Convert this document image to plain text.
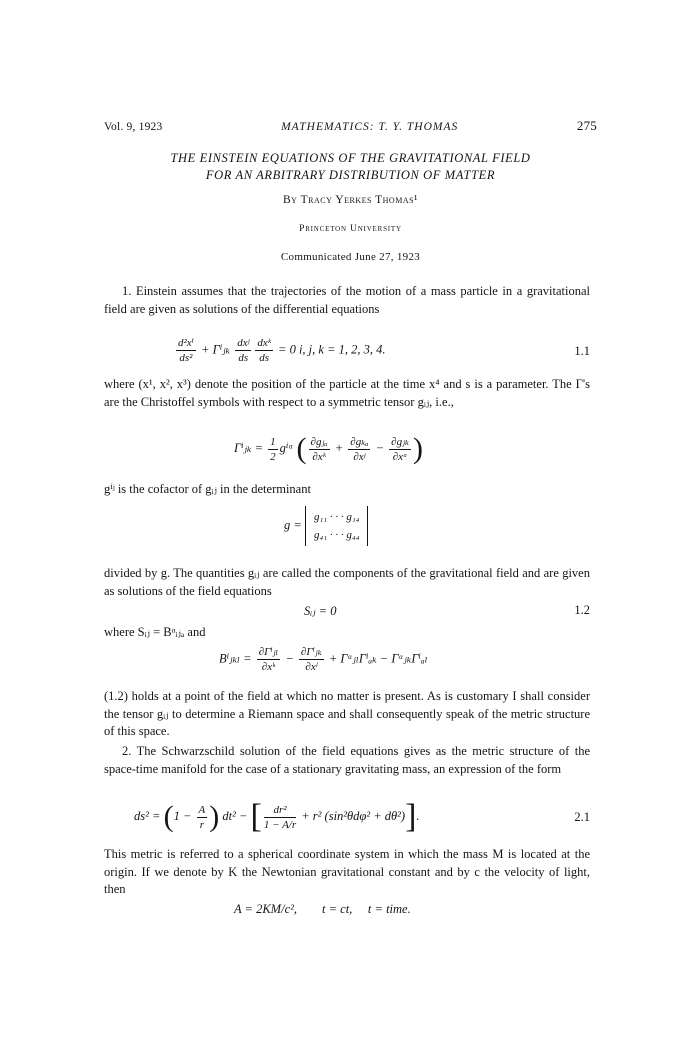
Vol. 9, 1923	MATHEMATICS: T. Y. THOMAS	275
THE EINSTEIN EQUATIONS OF THE GRAVITATIONAL FIELD
FOR AN ARBITRARY DISTRIBUTION OF MATTER
By Tracy Yerkes Thomas¹
Princeton University
Communicated June 27, 1923
1. Einstein assumes that the trajectories of the motion of a mass particle in a gravitational field are given as solutions of the differential equations
$\frac{\text{d²xⁱ}}{\text{ds²}}$ + Γⁱⱼₖ $\frac{\text{dxʲ}}{ds} \frac{\text{dxᵏ}}{ds} = 0$ i, j, k = 1, 2, 3, 4.	1.1
where (x¹, x², x³) denote the position of the particle at the time x⁴ and s is a parameter. The Γ's are the Christoffel symbols with respect to a symmetric tensor gᵢⱼ, i.e.,
Γⁱⱼₖ = $\frac{1}{2}$ gⁱᵅ ( $\frac{\text{∂gⱼₐ}}{\text{∂xᵏ}} + \frac{\text{∂gₖₐ}}{\text{∂xʲ}} - \frac{\text{∂gⱼₖ}}{\text{∂xᵅ}}$ )
gⁱʲ is the cofactor of gᵢⱼ in the determinant
g =
g₁₁ · · · g₁₄
g₄₁ · · · g₄₄
divided by g. The quantities gᵢⱼ are called the components of the gravitational field and are given as solutions of the field equations
Sᵢⱼ = 0	1.2
where Sᵢⱼ = Bᵅᵢⱼₐ and
Bⁱⱼₖₗ = $\frac{\text{∂Γⁱⱼₗ}}{\text{∂xᵏ}} - \frac{\text{∂Γⁱⱼₖ}}{\text{∂xˡ}}$ + ΓᵅⱼₗΓⁱₐₖ − ΓᵅⱼₖΓⁱₐₗ
(1.2) holds at a point of the field at which no matter is present. As is customary I shall consider the tensor gᵢⱼ to determine a Riemann space and shall consequently speak of the metric structure of this space.
2. The Schwarzschild solution of the field equations gives as the metric structure of the space-time manifold for the case of a stationary gravitating mass, an expression of the form
$ds^2 = (1 - \frac{A}{r}$ ) dt² − [ $\frac{\text{dr²}}{1 - A/r} + r^2$ (sin²θdφ² + dθ²)].	2.1
This metric is referred to a spherical coordinate system in which the mass M is located at the origin. If we denote by K the Newtonian gravitational constant and by c the velocity of light, then
A = 2KM/c²,        t = ct,     t = time.
